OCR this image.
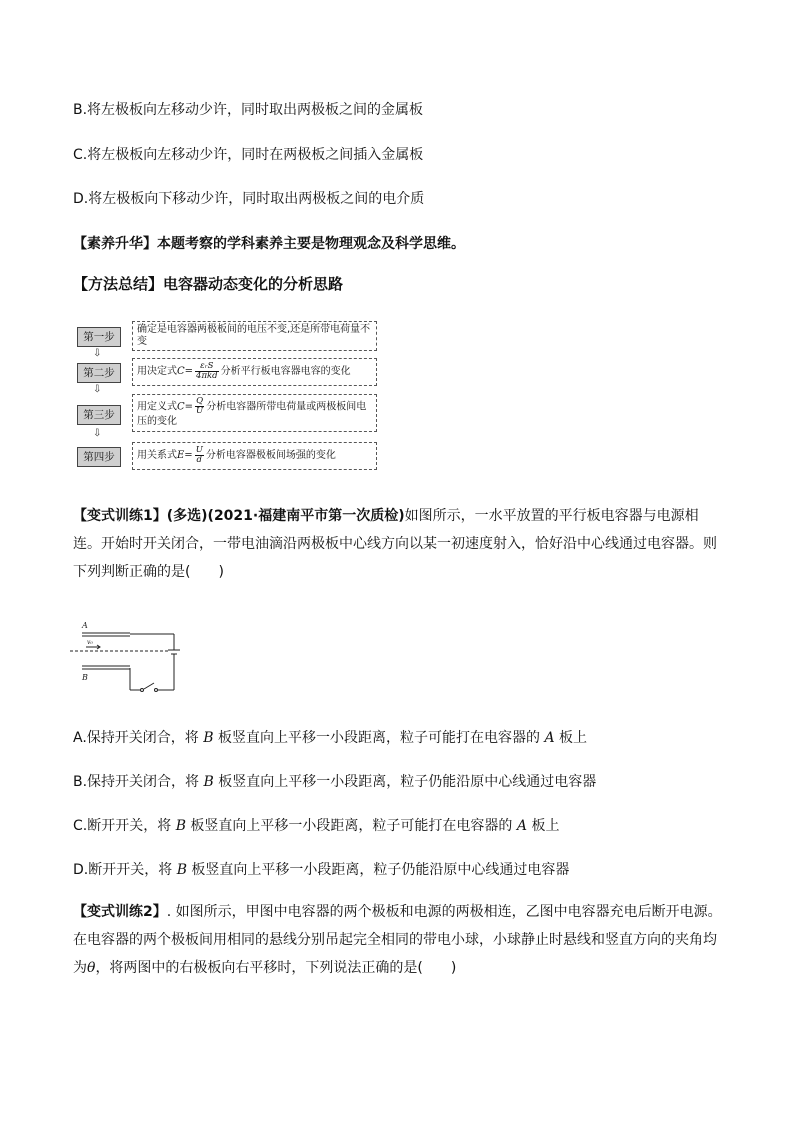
B.将左极板向左移动少许，同时取出两极板之间的金属板
C.将左极板向左移动少许，同时在两极板之间插入金属板
D.将左极板向下移动少许，同时取出两极板之间的电介质
【素养升华】本题考察的学科素养主要是物理观念及科学思维。
【方法总结】电容器动态变化的分析思路
第一步
⇩
第二步
⇩
第三步
⇩
第四步
确定是电容器两极板间的电压不变,还是所带电荷量不变
用决定式$C= \frac{\text{εᵣS}}{\text{4πkd}}$ 分析平行板电容器电容的变化
用定义式$C= \frac{Q}{U}$ 分析电容器所带电荷量或两极板间电压的变化
用关系式$E= \frac{U}{d}$ 分析电容器极板间场强的变化
【变式训练1】(多选)(2021·福建南平市第一次质检)如图所示，一水平放置的平行板电容器与电源相连。开始时开关闭合，一带电油滴沿两极板中心线方向以某一初速度射入，恰好沿中心线通过电容器。则下列判断正确的是(　　)
A
B
v₀
A.保持开关闭合，将 B 板竖直向上平移一小段距离，粒子可能打在电容器的 A 板上
B.保持开关闭合，将 B 板竖直向上平移一小段距离，粒子仍能沿原中心线通过电容器
C.断开开关，将 B 板竖直向上平移一小段距离，粒子可能打在电容器的 A 板上
D.断开开关，将 B 板竖直向上平移一小段距离，粒子仍能沿原中心线通过电容器
【变式训练2】. 如图所示，甲图中电容器的两个极板和电源的两极相连，乙图中电容器充电后断开电源。在电容器的两个极板间用相同的悬线分别吊起完全相同的带电小球，小球静止时悬线和竖直方向的夹角均为θ，将两图中的右极板向右平移时，下列说法正确的是(　　)
